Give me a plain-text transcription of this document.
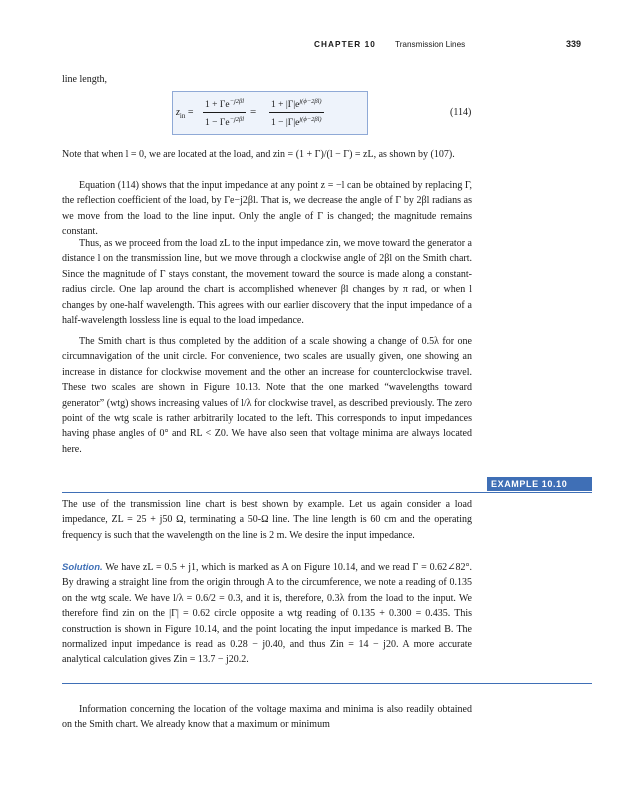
CHAPTER 10 Transmission Lines	339

line length,

$z_{in} = \frac{1 + \Gamma e^{-j2\beta l}}{1 - \Gamma e^{-j2\beta l}} = \frac{1 + |\Gamma|e^{j(\phi-2\beta l)}}{1 - |\Gamma|e^{j(\phi-2\beta l)}}$	(114)

Note that when l = 0, we are located at the load, and zin = (1 + Γ)/(l − Γ) = zL, as shown by (107).

Equation (114) shows that the input impedance at any point z = −l can be obtained by replacing Γ, the reflection coefficient of the load, by Γe−j2βl. That is, we decrease the angle of Γ by 2βl radians as we move from the load to the line input. Only the angle of Γ is changed; the magnitude remains constant.

Thus, as we proceed from the load zL to the input impedance zin, we move toward the generator a distance l on the transmission line, but we move through a clockwise angle of 2βl on the Smith chart. Since the magnitude of Γ stays constant, the movement toward the source is made along a constant-radius circle. One lap around the chart is accomplished whenever βl changes by π rad, or when l changes by one-half wavelength. This agrees with our earlier discovery that the input impedance of a half-wavelength lossless line is equal to the load impedance.

The Smith chart is thus completed by the addition of a scale showing a change of 0.5λ for one circumnavigation of the unit circle. For convenience, two scales are usually given, one showing an increase in distance for clockwise movement and the other an increase for counterclockwise travel. These two scales are shown in Figure 10.13. Note that the one marked “wavelengths toward generator” (wtg) shows increasing values of l/λ for clockwise travel, as described previously. The zero point of the wtg scale is rather arbitrarily located to the left. This corresponds to input impedances having phase angles of 0° and RL < Z0. We have also seen that voltage minima are always located here.

EXAMPLE 10.10

The use of the transmission line chart is best shown by example. Let us again consider a load impedance, ZL = 25 + j50 Ω, terminating a 50-Ω line. The line length is 60 cm and the operating frequency is such that the wavelength on the line is 2 m. We desire the input impedance.

Solution. We have zL = 0.5 + j1, which is marked as A on Figure 10.14, and we read Γ = 0.62∠82°. By drawing a straight line from the origin through A to the circumference, we note a reading of 0.135 on the wtg scale. We have l/λ = 0.6/2 = 0.3, and it is, therefore, 0.3λ from the load to the input. We therefore find zin on the |Γ| = 0.62 circle opposite a wtg reading of 0.135 + 0.300 = 0.435. This construction is shown in Figure 10.14, and the point locating the input impedance is marked B. The normalized input impedance is read as 0.28 − j0.40, and thus Zin = 14 − j20. A more accurate analytical calculation gives Zin = 13.7 − j20.2.

Information concerning the location of the voltage maxima and minima is also readily obtained on the Smith chart. We already know that a maximum or minimum
